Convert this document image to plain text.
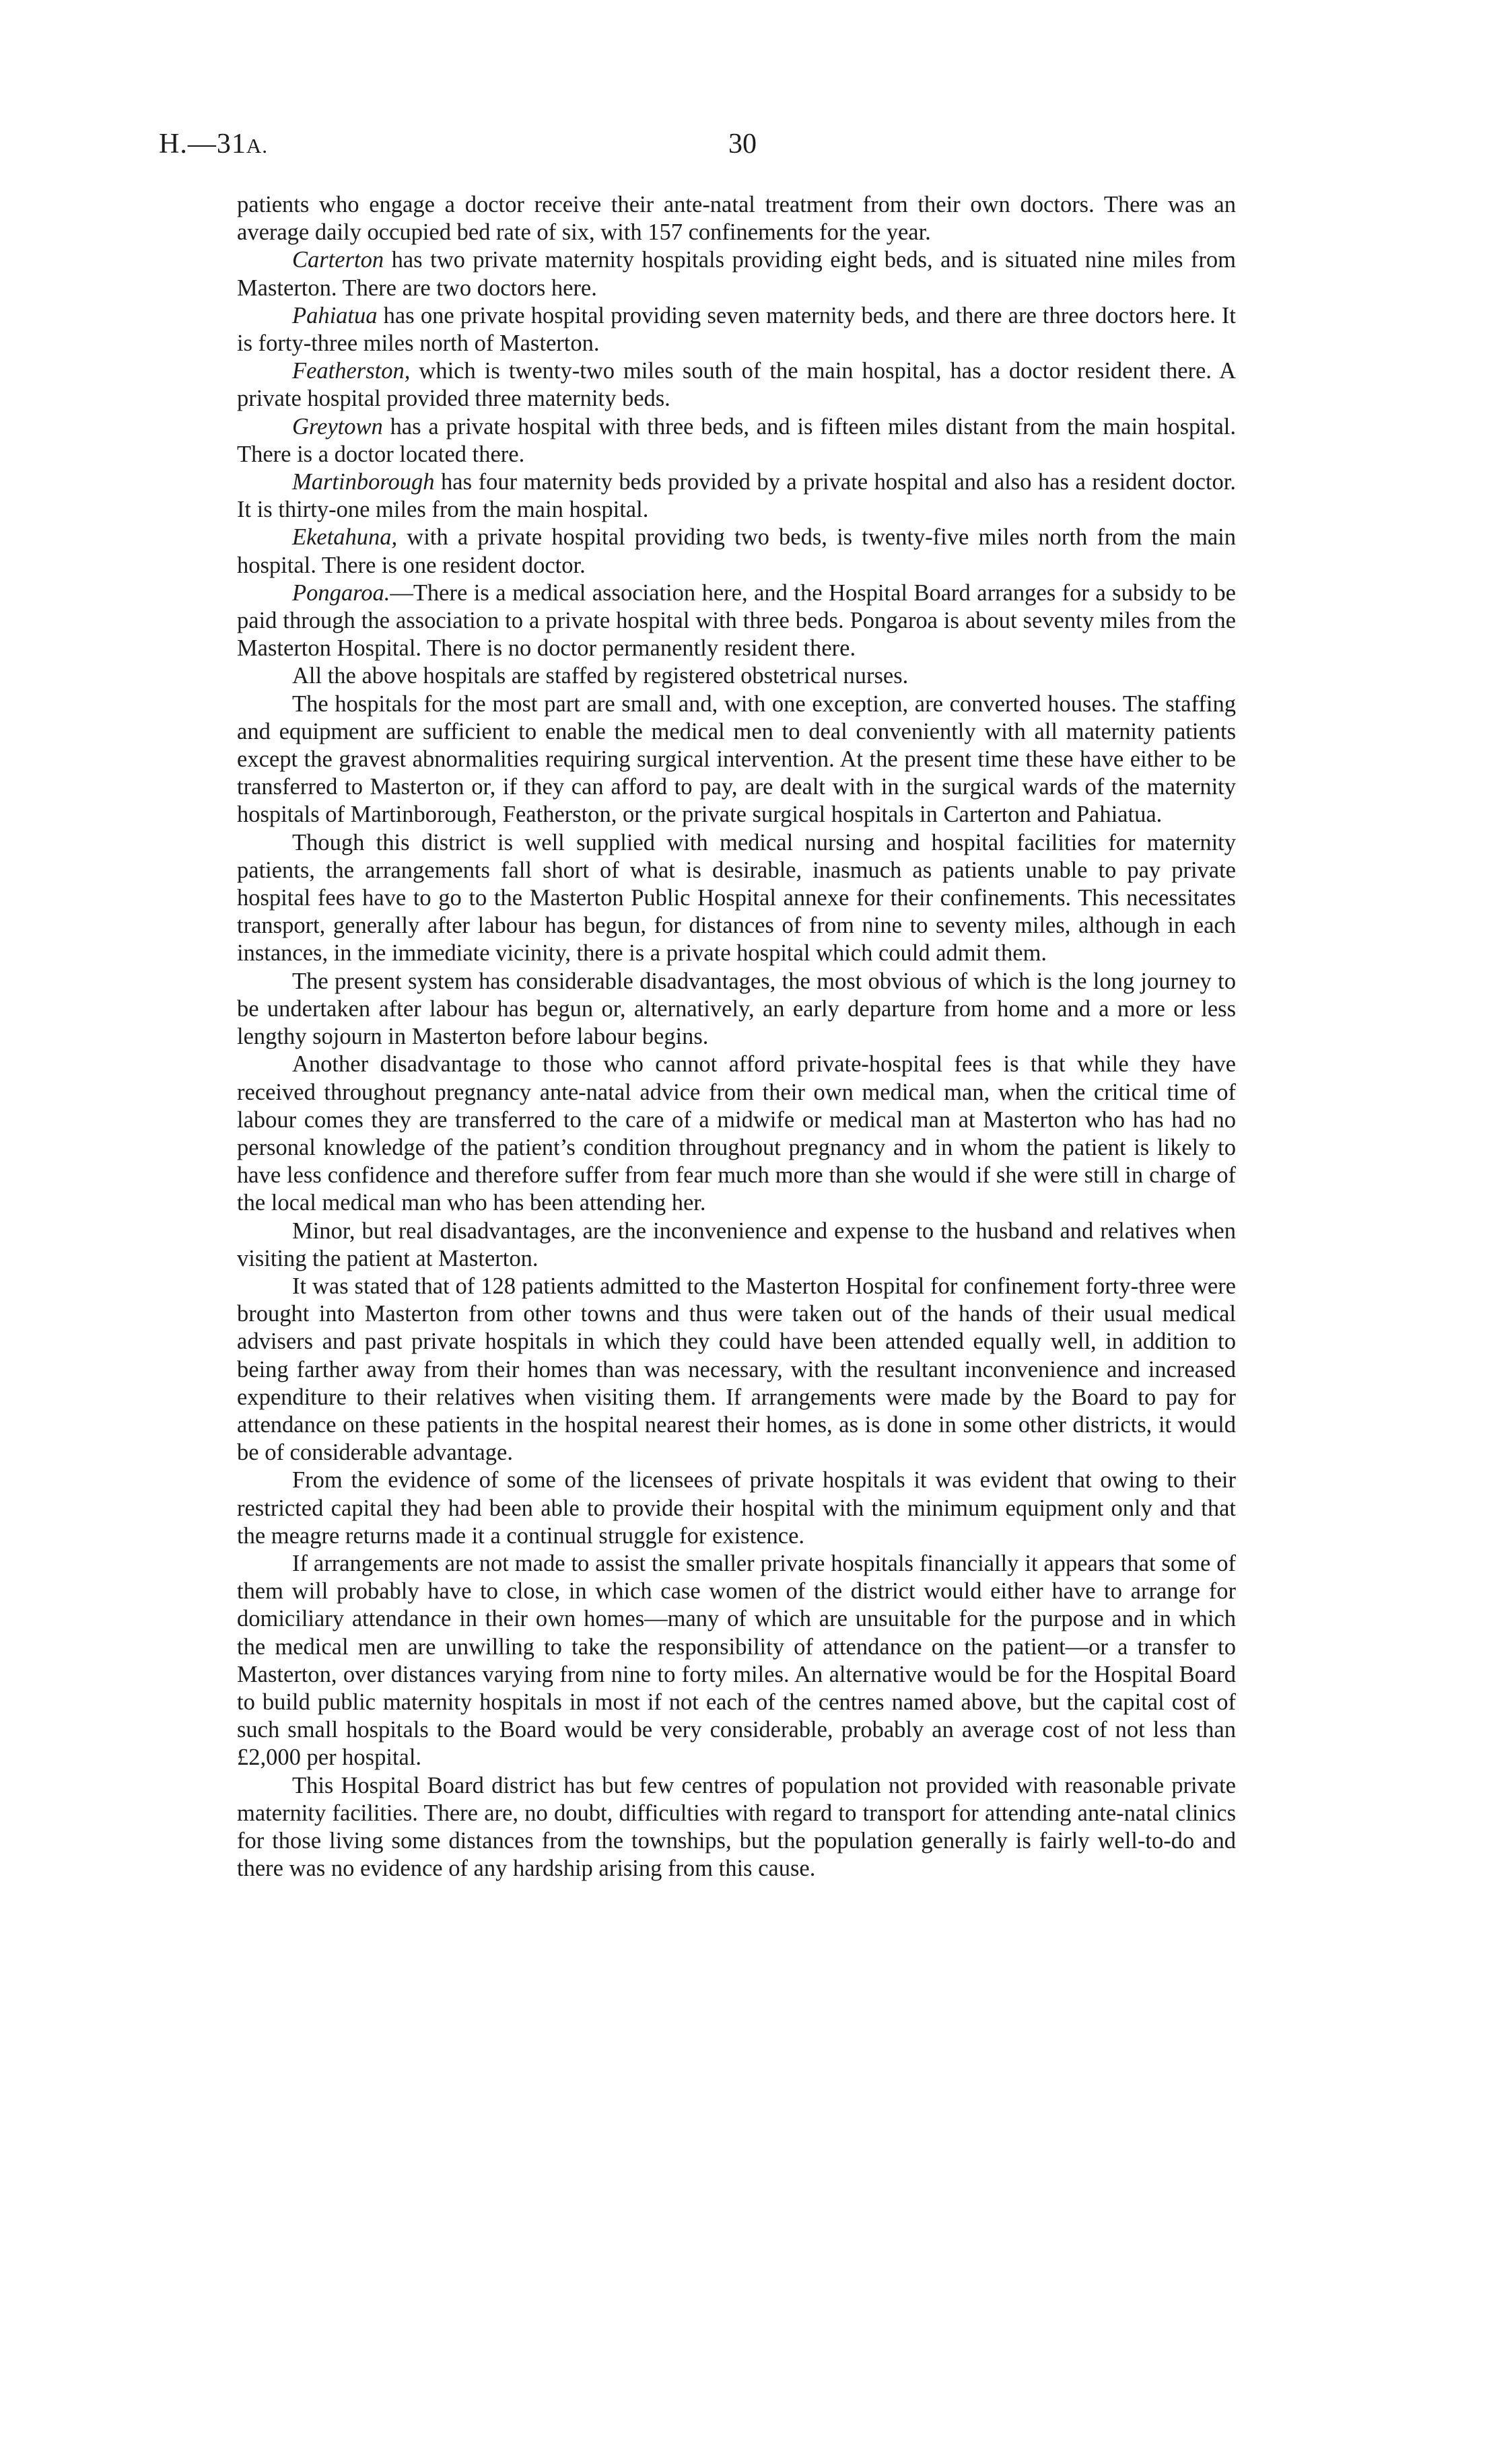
H.—31A.	30

patients who engage a doctor receive their ante-natal treatment from their own doctors. There was an average daily occupied bed rate of six, with 157 confinements for the year.

Carterton has two private maternity hospitals providing eight beds, and is situated nine miles from Masterton. There are two doctors here.

Pahiatua has one private hospital providing seven maternity beds, and there are three doctors here. It is forty-three miles north of Masterton.

Featherston, which is twenty-two miles south of the main hospital, has a doctor resident there. A private hospital provided three maternity beds.

Greytown has a private hospital with three beds, and is fifteen miles distant from the main hospital. There is a doctor located there.

Martinborough has four maternity beds provided by a private hospital and also has a resident doctor. It is thirty-one miles from the main hospital.

Eketahuna, with a private hospital providing two beds, is twenty-five miles north from the main hospital. There is one resident doctor.

Pongaroa.—There is a medical association here, and the Hospital Board arranges for a subsidy to be paid through the association to a private hospital with three beds. Pongaroa is about seventy miles from the Masterton Hospital. There is no doctor permanently resident there.

All the above hospitals are staffed by registered obstetrical nurses.

The hospitals for the most part are small and, with one exception, are converted houses. The staffing and equipment are sufficient to enable the medical men to deal conveniently with all maternity patients except the gravest abnormalities requiring surgical intervention. At the present time these have either to be transferred to Masterton or, if they can afford to pay, are dealt with in the surgical wards of the maternity hospitals of Martinborough, Featherston, or the private surgical hospitals in Carterton and Pahiatua.

Though this district is well supplied with medical nursing and hospital facilities for maternity patients, the arrangements fall short of what is desirable, inasmuch as patients unable to pay private hospital fees have to go to the Masterton Public Hospital annexe for their confinements. This necessitates transport, generally after labour has begun, for distances of from nine to seventy miles, although in each instances, in the immediate vicinity, there is a private hospital which could admit them.

The present system has considerable disadvantages, the most obvious of which is the long journey to be undertaken after labour has begun or, alternatively, an early departure from home and a more or less lengthy sojourn in Masterton before labour begins.

Another disadvantage to those who cannot afford private-hospital fees is that while they have received throughout pregnancy ante-natal advice from their own medical man, when the critical time of labour comes they are transferred to the care of a midwife or medical man at Masterton who has had no personal knowledge of the patient’s condition throughout pregnancy and in whom the patient is likely to have less confidence and therefore suffer from fear much more than she would if she were still in charge of the local medical man who has been attending her.

Minor, but real disadvantages, are the inconvenience and expense to the husband and relatives when visiting the patient at Masterton.

It was stated that of 128 patients admitted to the Masterton Hospital for confinement forty-three were brought into Masterton from other towns and thus were taken out of the hands of their usual medical advisers and past private hospitals in which they could have been attended equally well, in addition to being farther away from their homes than was necessary, with the resultant inconvenience and increased expenditure to their relatives when visiting them. If arrangements were made by the Board to pay for attendance on these patients in the hospital nearest their homes, as is done in some other districts, it would be of considerable advantage.

From the evidence of some of the licensees of private hospitals it was evident that owing to their restricted capital they had been able to provide their hospital with the minimum equipment only and that the meagre returns made it a continual struggle for existence.

If arrangements are not made to assist the smaller private hospitals financially it appears that some of them will probably have to close, in which case women of the district would either have to arrange for domiciliary attendance in their own homes—many of which are unsuitable for the purpose and in which the medical men are unwilling to take the responsibility of attendance on the patient—or a transfer to Masterton, over distances varying from nine to forty miles. An alternative would be for the Hospital Board to build public maternity hospitals in most if not each of the centres named above, but the capital cost of such small hospitals to the Board would be very considerable, probably an average cost of not less than £2,000 per hospital.

This Hospital Board district has but few centres of population not provided with reasonable private maternity facilities. There are, no doubt, difficulties with regard to transport for attending ante-natal clinics for those living some distances from the townships, but the population generally is fairly well-to-do and there was no evidence of any hardship arising from this cause.
